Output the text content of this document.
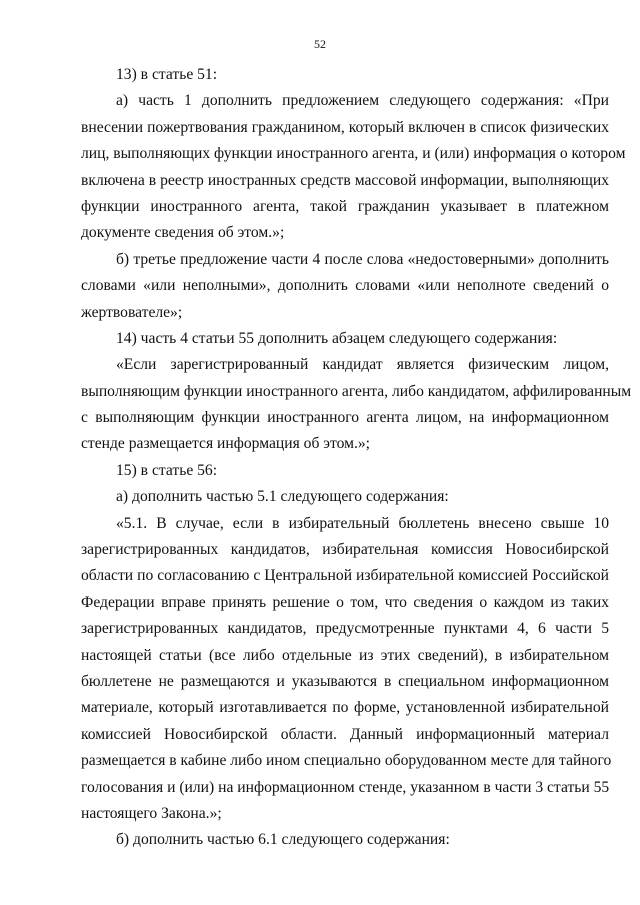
52
13) в статье 51:
а) часть 1 дополнить предложением следующего содержания: «При
внесении пожертвования гражданином, который включен в список физических
лиц, выполняющих функции иностранного агента, и (или) информация о котором
включена в реестр иностранных средств массовой информации, выполняющих
функции иностранного агента, такой гражданин указывает в платежном
документе сведения об этом.»;
б) третье предложение части 4 после слова «недостоверными» дополнить
словами «или неполными», дополнить словами «или неполноте сведений о
жертвователе»;
14) часть 4 статьи 55 дополнить абзацем следующего содержания:
«Если зарегистрированный кандидат является физическим лицом,
выполняющим функции иностранного агента, либо кандидатом, аффилированным
с выполняющим функции иностранного агента лицом, на информационном
стенде размещается информация об этом.»;
15) в статье 56:
а) дополнить частью 5.1 следующего содержания:
«5.1. В случае, если в избирательный бюллетень внесено свыше 10
зарегистрированных кандидатов, избирательная комиссия Новосибирской
области по согласованию с Центральной избирательной комиссией Российской
Федерации вправе принять решение о том, что сведения о каждом из таких
зарегистрированных кандидатов, предусмотренные пунктами 4, 6 части 5
настоящей статьи (все либо отдельные из этих сведений), в избирательном
бюллетене не размещаются и указываются в специальном информационном
материале, который изготавливается по форме, установленной избирательной
комиссией Новосибирской области. Данный информационный материал
размещается в кабине либо ином специально оборудованном месте для тайного
голосования и (или) на информационном стенде, указанном в части 3 статьи 55
настоящего Закона.»;
б) дополнить частью 6.1 следующего содержания:
